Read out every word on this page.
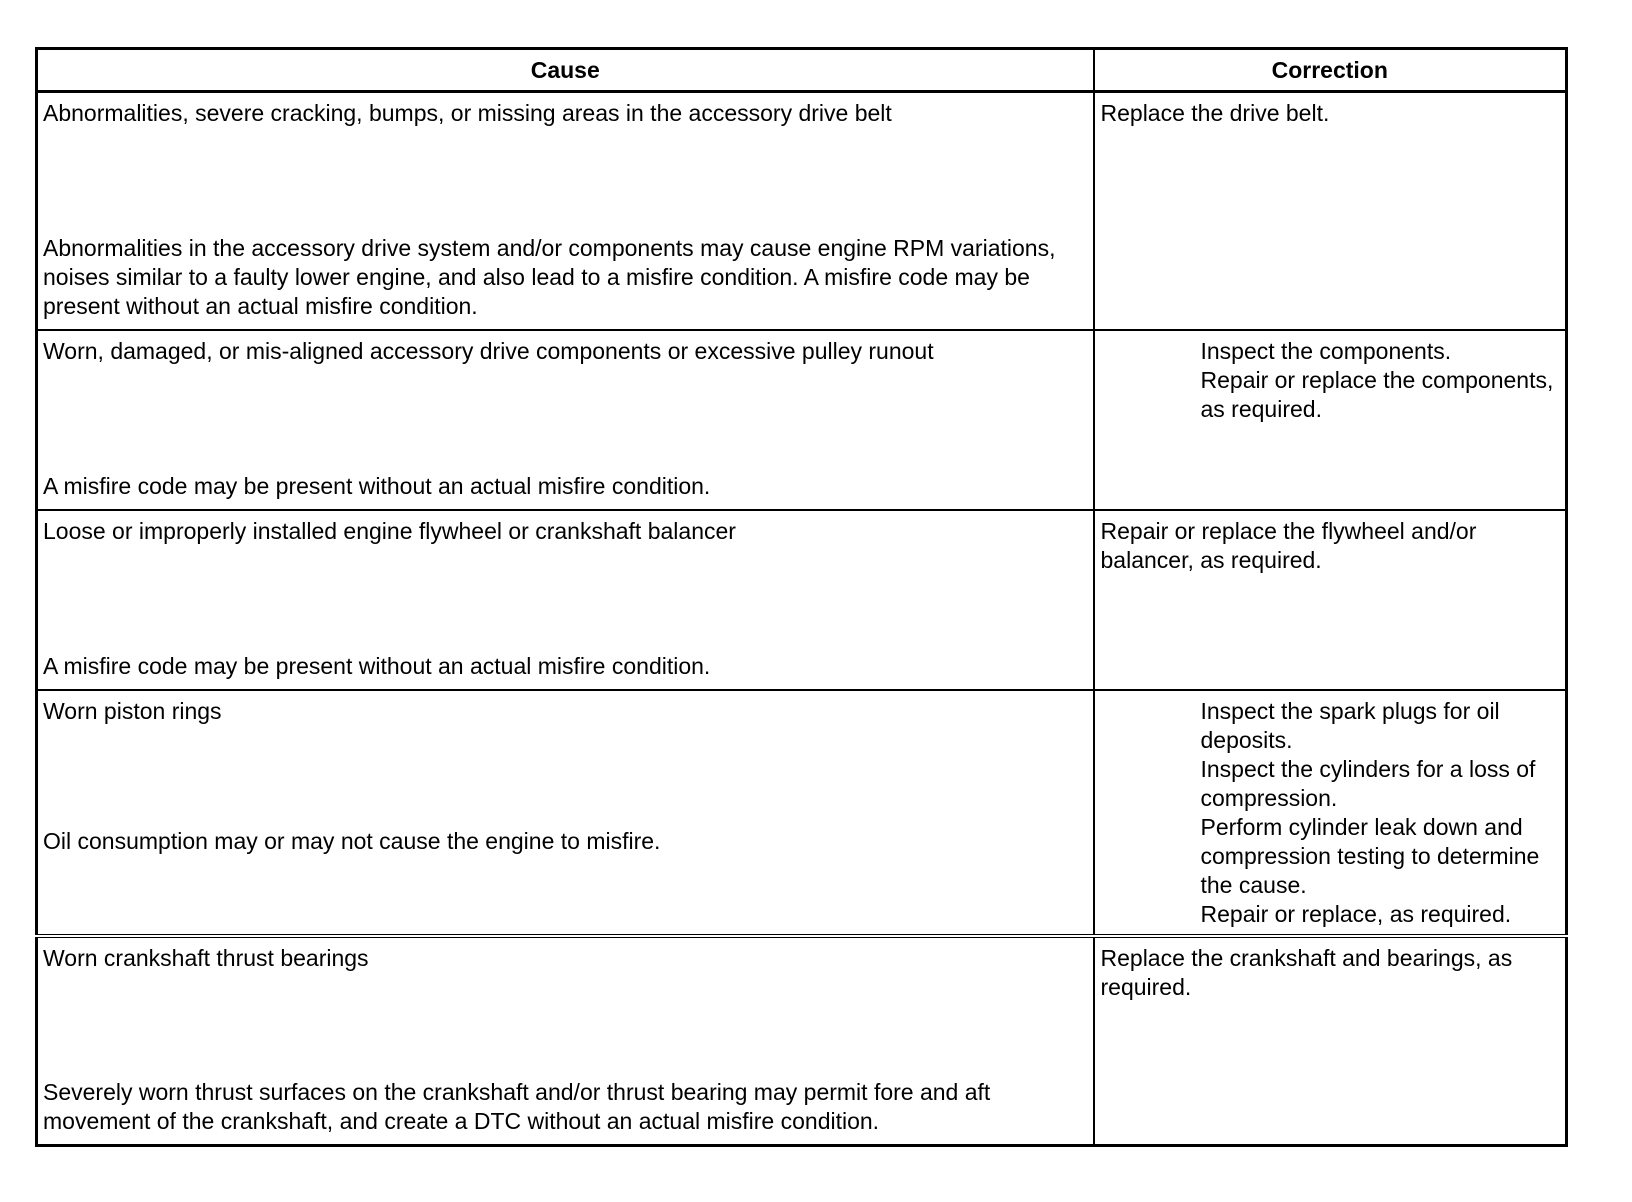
Cause	Correction

Abnormalities, severe cracking, bumps, or missing areas in the accessory drive belt
Abnormalities in the accessory drive system and/or components may cause engine RPM variations, noises similar to a faulty lower engine, and also lead to a misfire condition. A misfire code may be present without an actual misfire condition.	Replace the drive belt.

Worn, damaged, or mis-aligned accessory drive components or excessive pulley runout
A misfire code may be present without an actual misfire condition.	Inspect the components.
Repair or replace the components, as required.

Loose or improperly installed engine flywheel or crankshaft balancer
A misfire code may be present without an actual misfire condition.	Repair or replace the flywheel and/or balancer, as required.

Worn piston rings
Oil consumption may or may not cause the engine to misfire.	Inspect the spark plugs for oil deposits.
Inspect the cylinders for a loss of compression.
Perform cylinder leak down and compression testing to determine the cause.
Repair or replace, as required.

Worn crankshaft thrust bearings
Severely worn thrust surfaces on the crankshaft and/or thrust bearing may permit fore and aft movement of the crankshaft, and create a DTC without an actual misfire condition.	Replace the crankshaft and bearings, as required.
